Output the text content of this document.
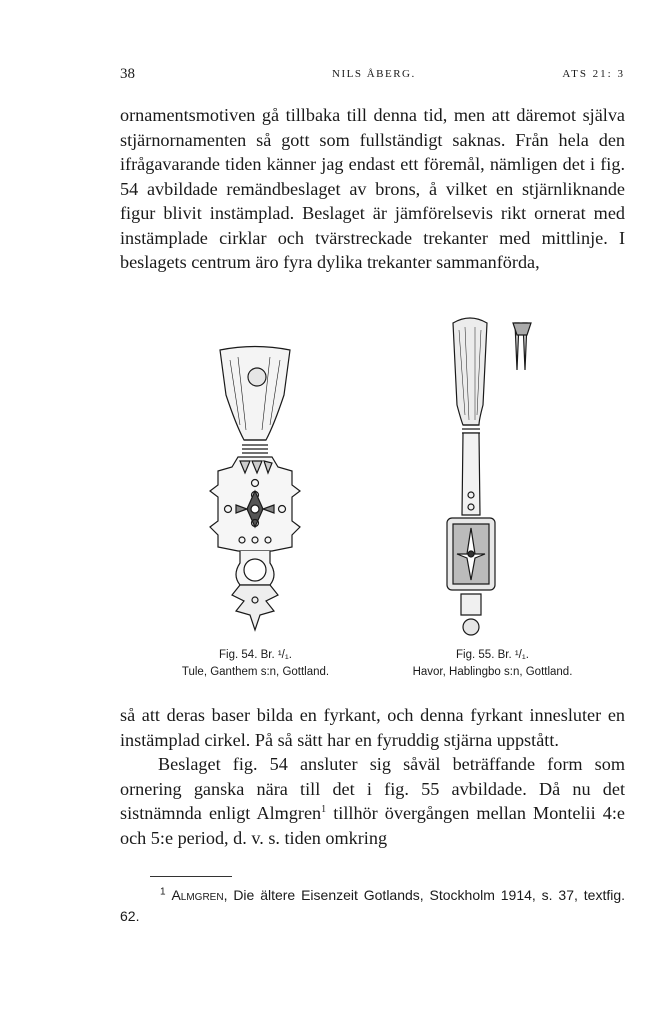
38	NILS ÅBERG.	ATS 21: 3

ornamentsmotiven gå tillbaka till denna tid, men att däremot själva stjärnornamenten så gott som fullständigt saknas. Från hela den ifrågavarande tiden känner jag endast ett föremål, nämligen det i fig. 54 avbildade remändbeslaget av brons, å vilket en stjärnliknande figur blivit instämplad. Beslaget är jämförelsevis rikt ornerat med instämplade cirklar och tvärstreckade trekanter med mittlinje. I beslagets centrum äro fyra dylika trekanter sammanförda,

Fig. 54. Br. ¹/₁.
Tule, Ganthem s:n, Gottland.
Fig. 55. Br. ¹/₁.
Havor, Hablingbo s:n, Gottland.
så att deras baser bilda en fyrkant, och denna fyrkant innesluter en instämplad cirkel. På så sätt har en fyruddig stjärna uppstått.
Beslaget fig. 54 ansluter sig såväl beträffande form som ornering ganska nära till det i fig. 55 avbildade. Då nu det sistnämnda enligt Almgren$^1$ tillhör övergången mellan Montelii 4:e och 5:e period, d. v. s. tiden omkring
$^1$ Almgren, Die ältere Eisenzeit Gotlands, Stockholm 1914, s. 37, textfig. 62.
